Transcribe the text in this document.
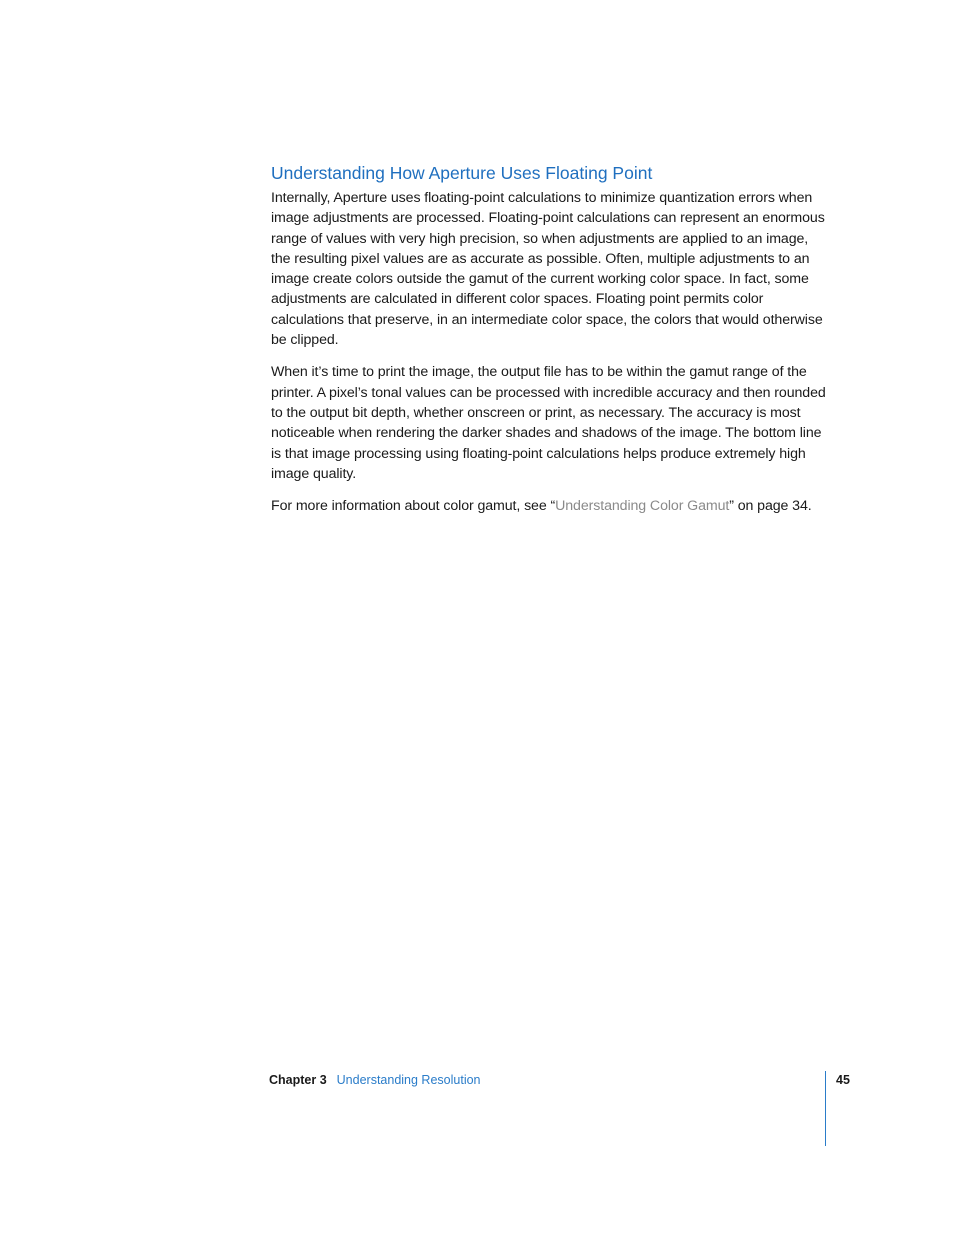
Understanding How Aperture Uses Floating Point

Internally, Aperture uses floating-point calculations to minimize quantization errors when image adjustments are processed. Floating-point calculations can represent an enormous range of values with very high precision, so when adjustments are applied to an image, the resulting pixel values are as accurate as possible. Often, multiple adjustments to an image create colors outside the gamut of the current working color space. In fact, some adjustments are calculated in different color spaces. Floating point permits color calculations that preserve, in an intermediate color space, the colors that would otherwise be clipped.

When it’s time to print the image, the output file has to be within the gamut range of the printer. A pixel’s tonal values can be processed with incredible accuracy and then rounded to the output bit depth, whether onscreen or print, as necessary. The accuracy is most noticeable when rendering the darker shades and shadows of the image. The bottom line is that image processing using floating-point calculations helps produce extremely high image quality.

For more information about color gamut, see “Understanding Color Gamut” on page 34.

Chapter 3 Understanding Resolution	45
